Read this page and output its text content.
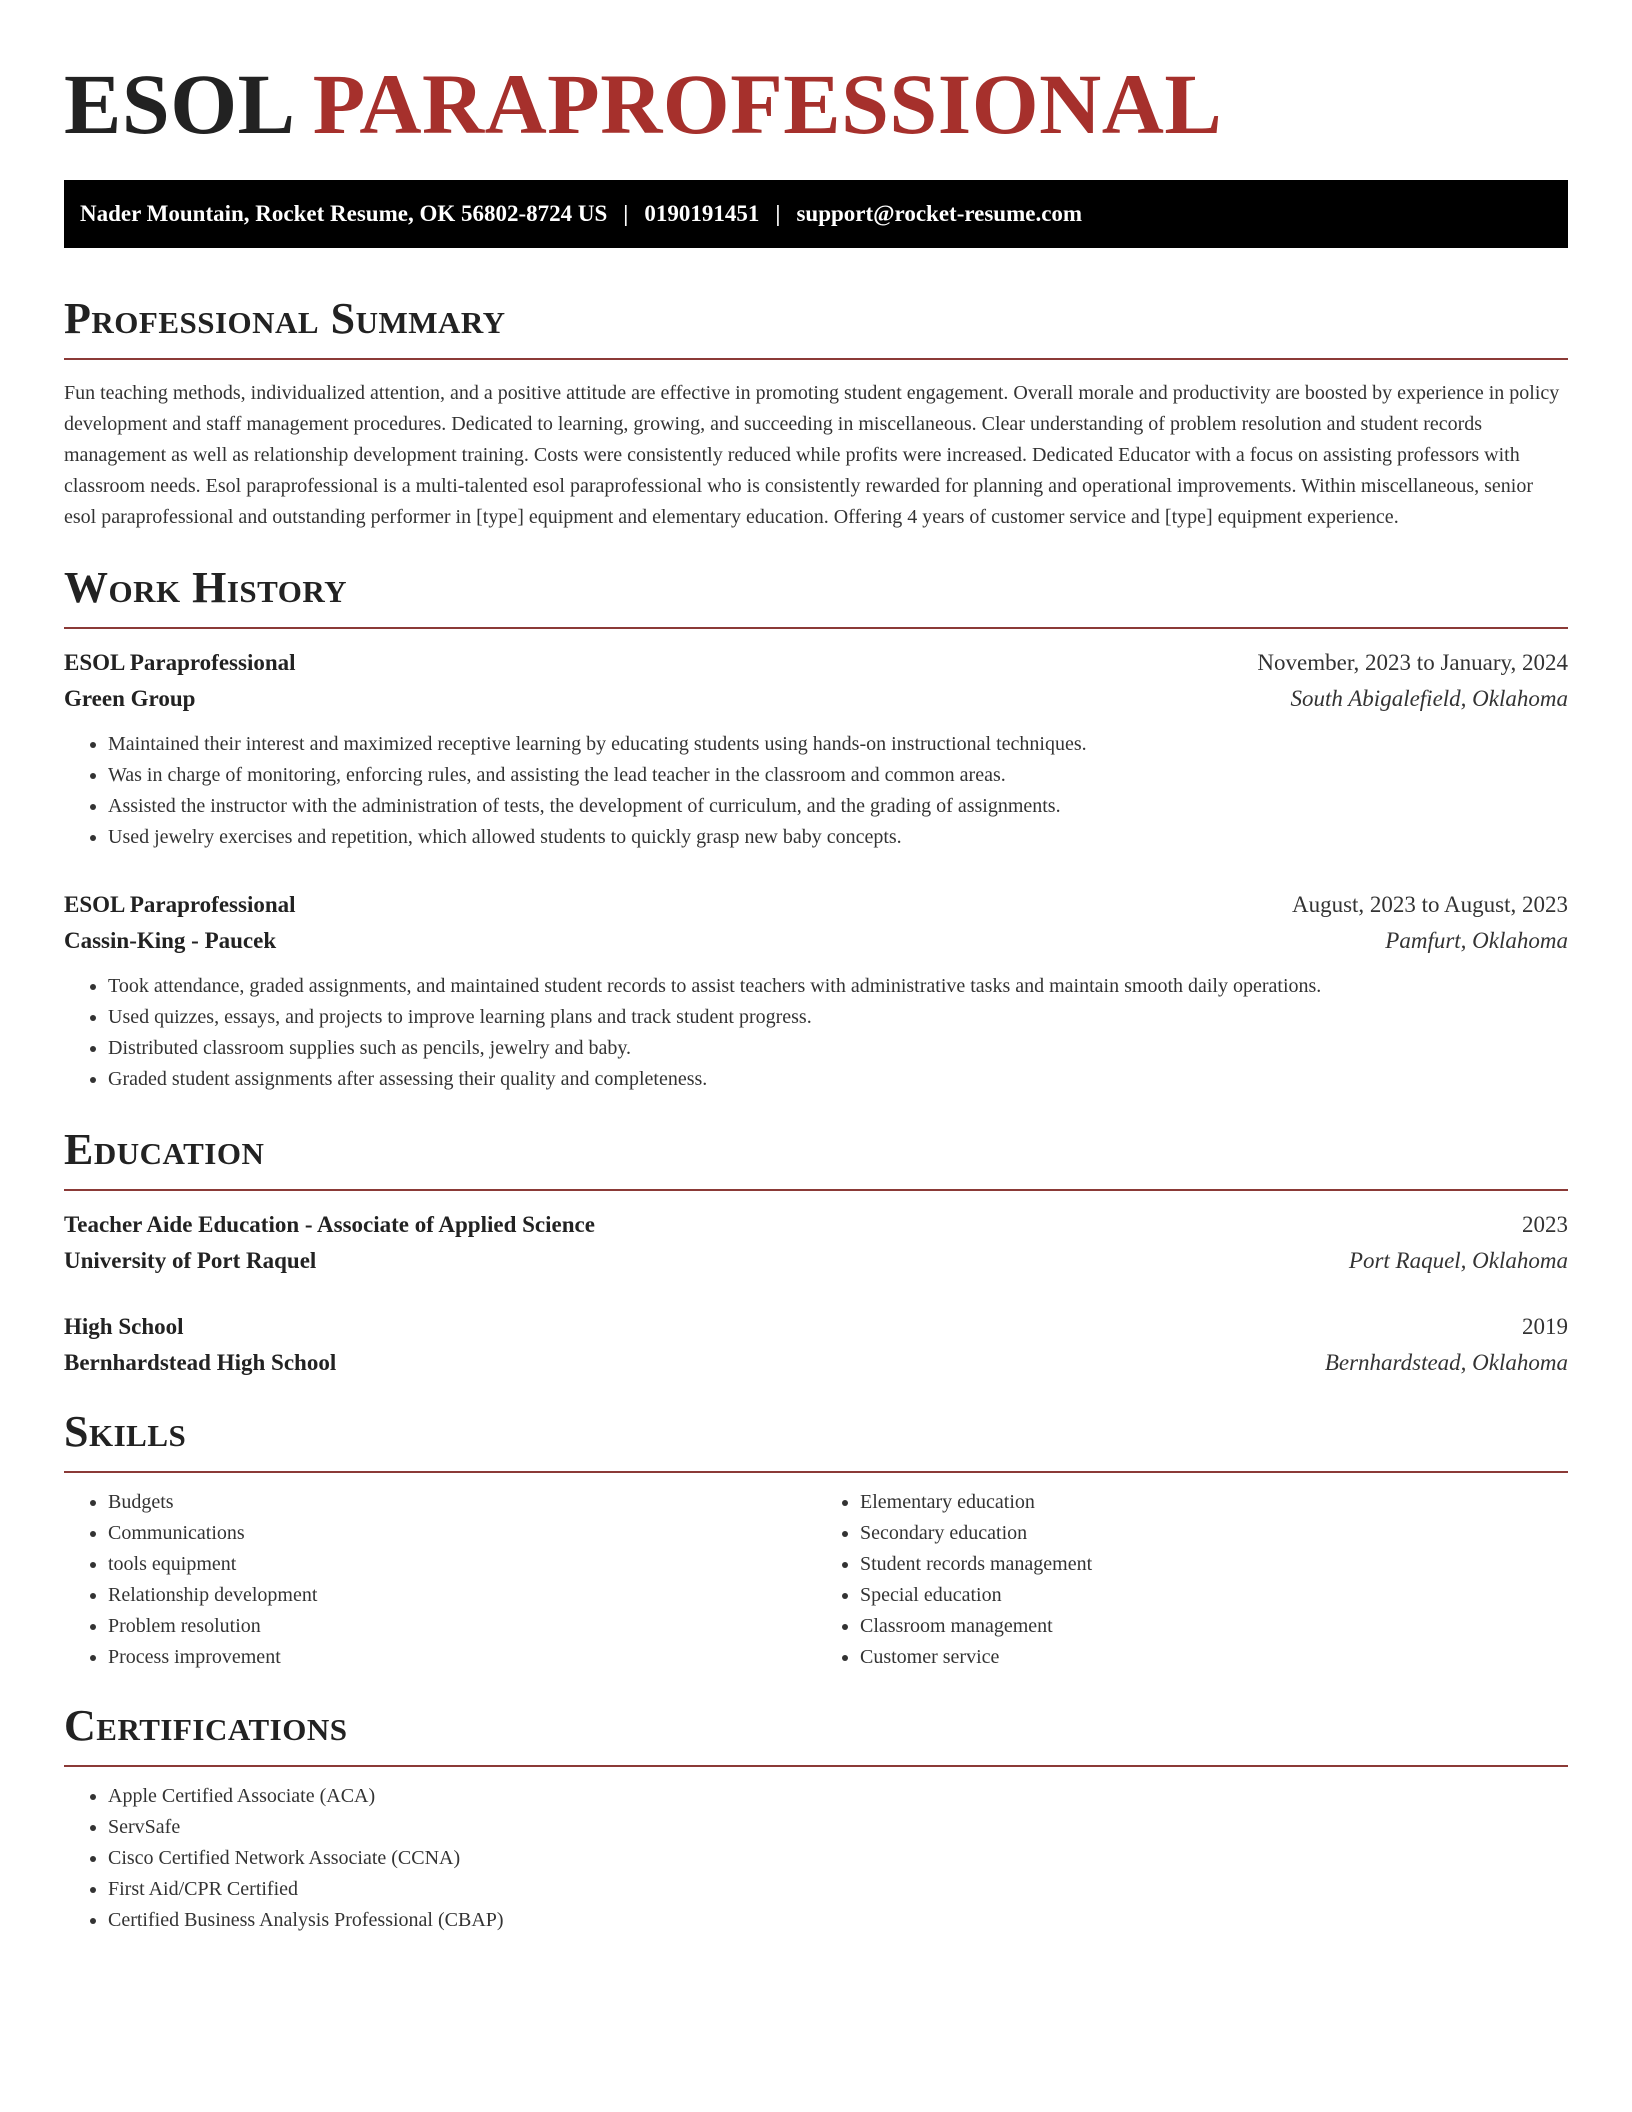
ESOL PARAPROFESSIONAL
Nader Mountain, Rocket Resume, OK 56802-8724 US | 0190191451 | support@rocket-resume.com
Professional Summary

Fun teaching methods, individualized attention, and a positive attitude are effective in promoting student engagement. Overall morale and productivity are boosted by experience in policy development and staff management procedures. Dedicated to learning, growing, and succeeding in miscellaneous. Clear understanding of problem resolution and student records management as well as relationship development training. Costs were consistently reduced while profits were increased. Dedicated Educator with a focus on assisting professors with classroom needs. Esol paraprofessional is a multi-talented esol paraprofessional who is consistently rewarded for planning and operational improvements. Within miscellaneous, senior esol paraprofessional and outstanding performer in [type] equipment and elementary education. Offering 4 years of customer service and [type] equipment experience.

Work History
ESOL Paraprofessional	November, 2023 to January, 2024
Green Group	South Abigalefield, Oklahoma
• Maintained their interest and maximized receptive learning by educating students using hands-on instructional techniques.
• Was in charge of monitoring, enforcing rules, and assisting the lead teacher in the classroom and common areas.
• Assisted the instructor with the administration of tests, the development of curriculum, and the grading of assignments.
• Used jewelry exercises and repetition, which allowed students to quickly grasp new baby concepts.
ESOL Paraprofessional	August, 2023 to August, 2023
Cassin-King - Paucek	Pamfurt, Oklahoma
• Took attendance, graded assignments, and maintained student records to assist teachers with administrative tasks and maintain smooth daily operations.
• Used quizzes, essays, and projects to improve learning plans and track student progress.
• Distributed classroom supplies such as pencils, jewelry and baby.
• Graded student assignments after assessing their quality and completeness.
Education
Teacher Aide Education - Associate of Applied Science	2023
University of Port Raquel	Port Raquel, Oklahoma
High School	2019
Bernhardstead High School	Bernhardstead, Oklahoma
Skills
• Budgets
• Communications
• tools equipment
• Relationship development
• Problem resolution
• Process improvement
• Elementary education
• Secondary education
• Student records management
• Special education
• Classroom management
• Customer service
Certifications
• Apple Certified Associate (ACA)
• ServSafe
• Cisco Certified Network Associate (CCNA)
• First Aid/CPR Certified
• Certified Business Analysis Professional (CBAP)
